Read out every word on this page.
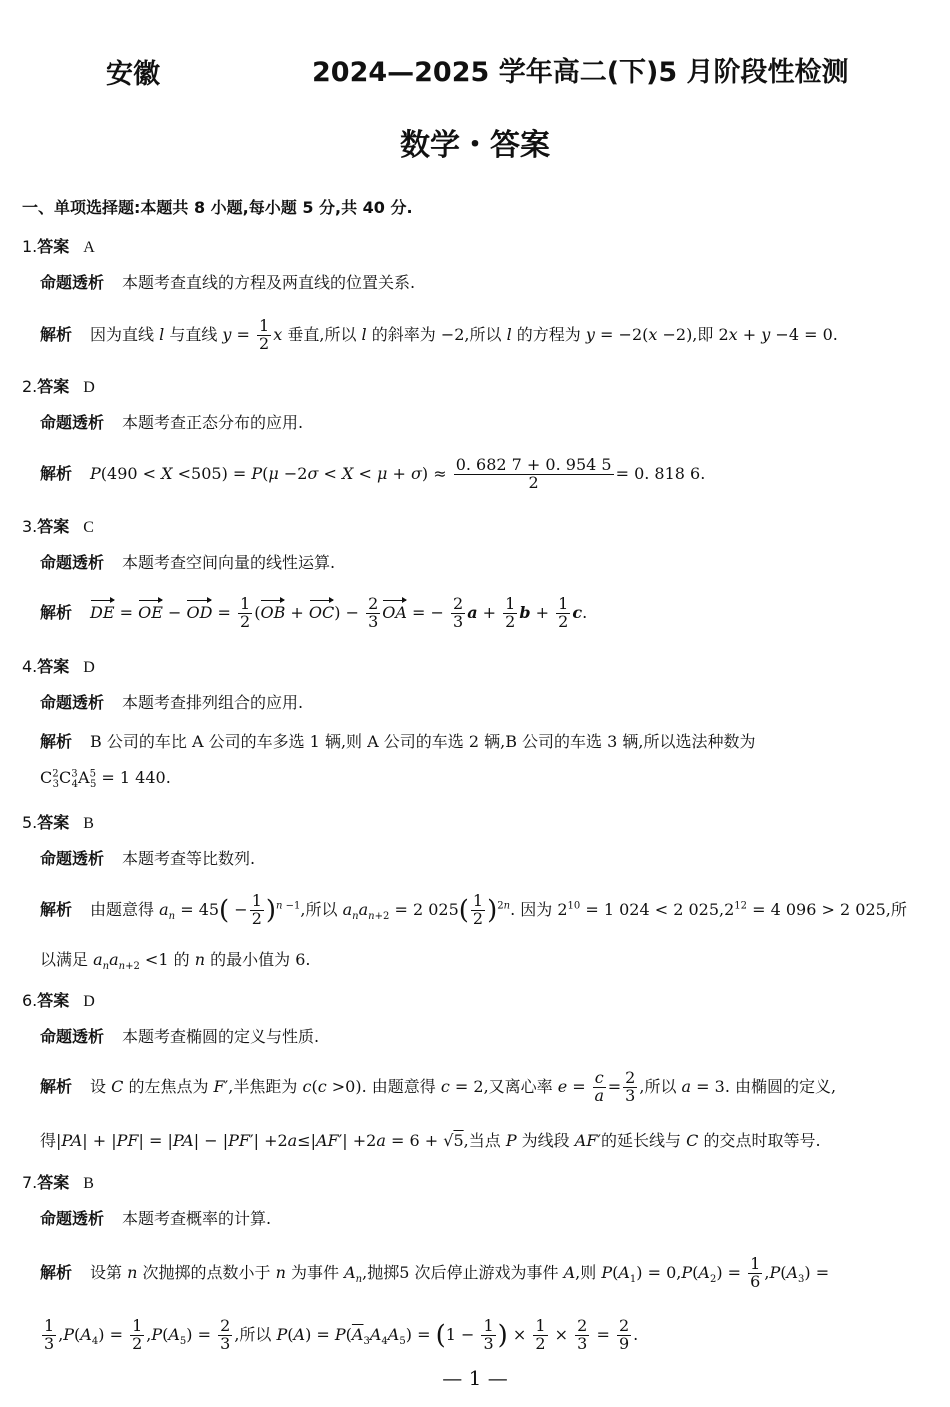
安徽	2024—2025 学年高二(下)5 月阶段性检测
数学・答案
一、单项选择题:本题共 8 小题,每小题 5 分,共 40 分.
1.答案 A
命题透析 本题考查直线的方程及两直线的位置关系.
解析 因为直线 l 与直线 $y = \frac{1}{2}$ x 垂直,所以 l 的斜率为 −2,所以 l 的方程为 y = −2(x −2),即 2x + y −4 = 0.
2.答案 D
命题透析 本题考查正态分布的应用.
解析 $P(490 < X <505) = P(\mu -2\sigma < X < \mu + \sigma) \approx \frac{0. 682 7 + 0. 954 5}{2} = 0$. 818 6.
3.答案 C
命题透析 本题考查空间向量的线性运算.
解析 DE = OE − OD = $\frac{1}{2} (OB + OC) - \frac{2}{3}$ OA = − $\frac{2}{3}$ $a + \frac{1}{2}$ $b + \frac{1}{2} c$.
4.答案 D
命题透析 本题考查排列组合的应用.
解析 B 公司的车比 A 公司的车多选 1 辆,则 A 公司的车选 2 辆,B 公司的车选 3 辆,所以选法种数为
$C^2_3C^3_4A^5_5 = 1$ 440.
5.答案 B
命题透析 本题考查等比数列.
解析 由题意得 $a_n = 45( - \frac{1}{2} )^{n -1}$,所以 $a_na_{n+2} = 2$ $025( \frac{1}{2} )^{2n}$. 因为 $2^{10} = 1$ 024 < 2 $025,2^{12} = 4$ 096 > 2 025,所
以满足 $a_na_{n+2} <1$ 的 n 的最小值为 6.
6.答案 D
命题透析 本题考查椭圆的定义与性质.
解析 设 C 的左焦点为 F′,半焦距为 c(c >0). 由题意得 c = 2,又离心率 $e = \frac{c}{a} = \frac{2}{3}$ ,所以 a = 3. 由椭圆的定义,
得|PA| + |PF| = |PA| − |PF′| +2a≤|AF′| +2a = 6 + √5,当点 P 为线段 AF′的延长线与 C 的交点时取等号.
7.答案 B
命题透析 本题考查概率的计算.
解析 设第 n 次抛掷的点数小于 n 为事件 $A_n$,抛掷5 次后停止游戏为事件 A,则 $P(A_1) = 0,P(A_2) = \frac{1}{6} ,P(A_3)$ =
$\frac{1}{3} ,P(A_4) = \frac{1}{2} ,P(A_5) = \frac{2}{3}$ ,所以 $P(A) = P(\overline{A}_3A_4A_5) = (1 - \frac{1}{3}$ ) × $\frac{1}{2} \times \frac{2}{3} = \frac{2}{9}$ .
— 1 —
